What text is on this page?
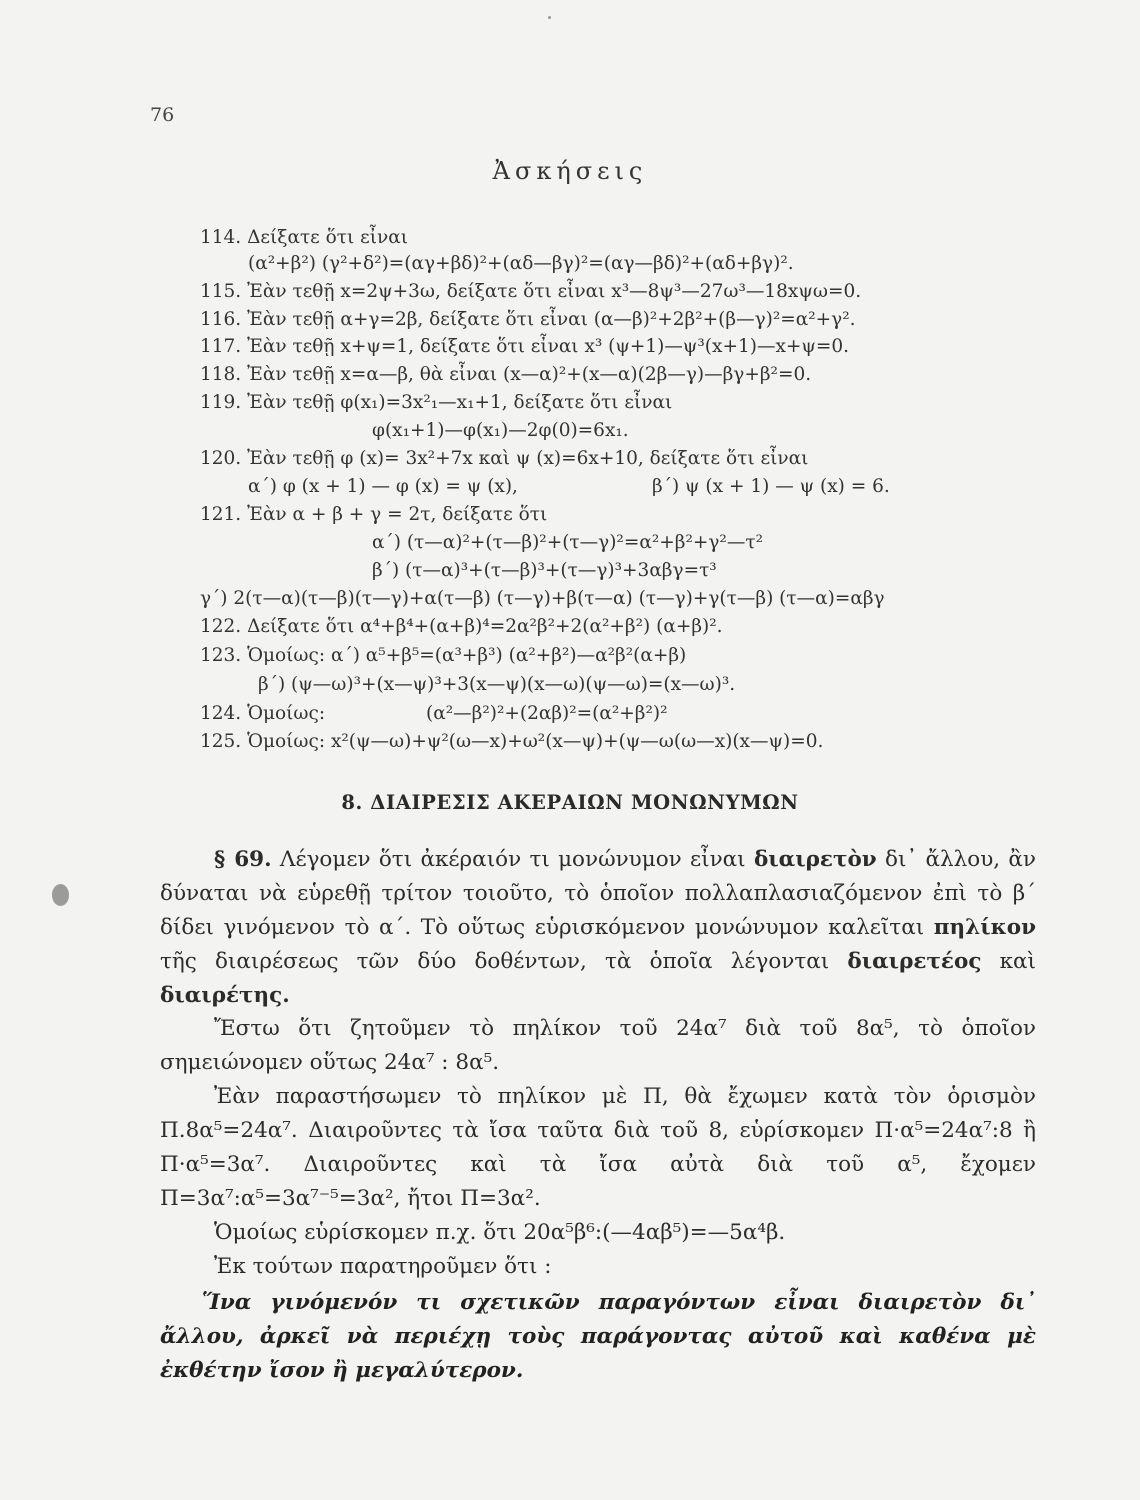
76
Ἀσκήσεις
114. Δείξατε ὅτι εἶναι
(α²+β²) (γ²+δ²)=(αγ+βδ)²+(αδ—βγ)²=(αγ—βδ)²+(αδ+βγ)².
115. Ἐὰν τεθῇ x=2ψ+3ω, δείξατε ὅτι εἶναι x³—8ψ³—27ω³—18xψω=0.
116. Ἐὰν τεθῇ α+γ=2β, δείξατε ὅτι εἶναι (α—β)²+2β²+(β—γ)²=α²+γ².
117. Ἐὰν τεθῇ x+ψ=1, δείξατε ὅτι εἶναι x³ (ψ+1)—ψ³(x+1)—x+ψ=0.
118. Ἐὰν τεθῇ x=α—β, θὰ εἶναι (x—α)²+(x—α)(2β—γ)—βγ+β²=0.
119. Ἐὰν τεθῇ φ(x₁)=3x²₁—x₁+1, δείξατε ὅτι εἶναι
φ(x₁+1)—φ(x₁)—2φ(0)=6x₁.
120. Ἐὰν τεθῇ φ (x)= 3x²+7x καὶ ψ (x)=6x+10, δείξατε ὅτι εἶναι
α΄) φ (x + 1) — φ (x) = ψ (x),	β΄) ψ (x + 1) — ψ (x) = 6.
121. Ἐὰν α + β + γ = 2τ, δείξατε ὅτι
α΄) (τ—α)²+(τ—β)²+(τ—γ)²=α²+β²+γ²—τ²
β΄) (τ—α)³+(τ—β)³+(τ—γ)³+3αβγ=τ³
γ΄) 2(τ—α)(τ—β)(τ—γ)+α(τ—β) (τ—γ)+β(τ—α) (τ—γ)+γ(τ—β) (τ—α)=αβγ
122. Δείξατε ὅτι α⁴+β⁴+(α+β)⁴=2α²β²+2(α²+β²) (α+β)².
123. Ὁμοίως: α΄) α⁵+β⁵=(α³+β³) (α²+β²)—α²β²(α+β)
β΄) (ψ—ω)³+(x—ψ)³+3(x—ψ)(x—ω)(ψ—ω)=(x—ω)³.
124. Ὁμοίως:	(α²—β²)²+(2αβ)²=(α²+β²)²
125. Ὁμοίως: x²(ψ—ω)+ψ²(ω—x)+ω²(x—ψ)+(ψ—ω(ω—x)(x—ψ)=0.
8. ΔΙΑΙΡΕΣΙΣ ΑΚΕΡΑΙΩΝ ΜΟΝΩΝΥΜΩΝ
§ 69. Λέγομεν ὅτι ἀκέραιόν τι μονώνυμον εἶναι διαιρετὸν δι᾽ ἄλλου, ἂν δύναται νὰ εὑρεθῇ τρίτον τοιοῦτο, τὸ ὁποῖον πολλαπλασιαζόμενον ἐπὶ τὸ β΄ δίδει γινόμενον τὸ α΄. Τὸ οὕτως εὑρισκόμενον μονώνυμον καλεῖται πηλίκον τῆς διαιρέσεως τῶν δύο δοθέντων, τὰ ὁποῖα λέγονται διαιρετέος καὶ διαιρέτης.
Ἔστω ὅτι ζητοῦμεν τὸ πηλίκον τοῦ 24α⁷ διὰ τοῦ 8α⁵, τὸ ὁποῖον σημειώνομεν οὕτως 24α⁷ : 8α⁵.
Ἐὰν παραστήσωμεν τὸ πηλίκον μὲ Π, θὰ ἔχωμεν κατὰ τὸν ὁρισμὸν Π.8α⁵=24α⁷. Διαιροῦντες τὰ ἴσα ταῦτα διὰ τοῦ 8, εὑρίσκομεν Π·α⁵=24α⁷:8 ἢ Π·α⁵=3α⁷. Διαιροῦντες καὶ τὰ ἴσα αὐτὰ διὰ τοῦ α⁵, ἔχομεν Π=3α⁷:α⁵=3α⁷⁻⁵=3α², ἤτοι Π=3α².
Ὁμοίως εὑρίσκομεν π.χ. ὅτι 20α⁵β⁶:(—4αβ⁵)=—5α⁴β.
Ἐκ τούτων παρατηροῦμεν ὅτι :
Ἵνα γινόμενόν τι σχετικῶν παραγόντων εἶναι διαιρετὸν δι᾽ ἄλλου, ἀρκεῖ νὰ περιέχῃ τοὺς παράγοντας αὐτοῦ καὶ καθένα μὲ ἐκθέτην ἴσον ἢ μεγαλύτερον.
